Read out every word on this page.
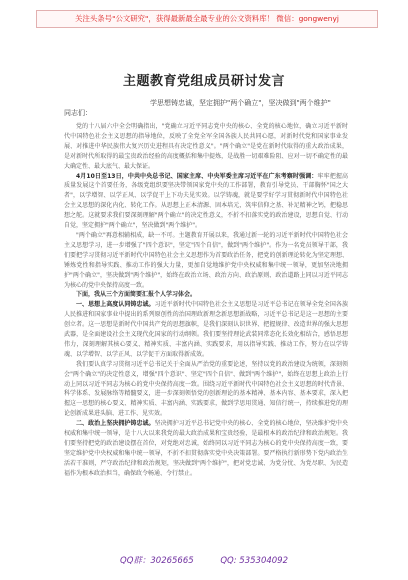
关注头条号"公文研究"，获得最新最全最专业的公文资料库！ 微信：gongwenyj
主题教育党组成员研讨发言
学思想铸忠诚，坚定拥护"两个确立"，坚决做到"两个维护"
同志们：

党的十八届六中全会明确指出，"党确立习近平同志党中央的核心、全党的核心地位，确立习近平新时代中国特色社会主义思想的指导地位，反映了全党全军全国各族人民共同心愿，对新时代党和国家事业发展、对推进中华民族伟大复兴历史进程具有决定性意义"。"两个确立"是党在新时代取得的重大政治成果，是对新时代所取得的最宝贵政治经验的高度概括和集中提炼，是战胜一切艰难险阻、应对一切不确定性的最大确定性、最大底气、最大保证。

4月10日至13日，中共中央总书记、国家主席、中央军委主席习近平在广东考察时强调：牢牢把握高质量发展这个首要任务，各级党组织要坚决带领国家党中央的工作部署，教育引导党员、干部胸怀"国之大者"，以学增智、以学正风、以学促干上下功夫见实效。以学铸魂，就是要学好学习贯彻新时代中国特色社会主义思想的深化内化、转化工作。从思想上正本清源、固本培元，筑牢信仰之基、补足精神之钙，把稳思想之舵。这就要求我们要深刻理解"两个确立"的决定性意义，不折不扣落实党的政治建设，思想自觉、行动自觉，坚定拥护"两个确立"，坚决做到"两个维护"。

"两个确立"再意相辅相成，缺一不可。主题教育开展以来，我通过新一轮的习近平新时代中国特色社会主义思想学习，进一步增强了"四个意识"，坚定"四个自信"，做到"两个维护"。作为一名党员领导干部，我们要把学习贯彻习近平新时代中国特色社会主义思想作为首要政治任务，把党的创新理论转化为坚定理想、锤炼党性和指导实践、推动工作的强大力量，更加自觉地维护党中央权威和集中统一领导，更加坚决地拥护"两个确立"，坚决做到"两个维护"，始终在政治立场、政治方向、政治原则、政治道路上同以习近平同志为核心的党中央保持高度一致。

下面，我从三个方面简要汇报个人学习体会。

一、思想上高度认同铸忠诚。习近平新时代中国特色社会主义思想是习近平总书记在领导全党全国各族人民推进和国家事业中提出的系列原创性的治国理政新理念新思想新战略，习近平总书记是这一思想的主要创立者。这一思想是新时代中国共产党的思想旗帜，是我们深刻认识世界、把握规律、改造世界的强大思想武器，是全面建设社会主义现代化国家的行动纲领。我们要坚持理论武装同常态化长效化相结合，感悟思想伟力，深刻理解其核心要义、精神实质、丰富内涵、实践要求，用以指导实践、推动工作，努力在以学铸魂、以学增智、以学正风、以学促干方面取得新成效。

我们要认真学习贯彻习近平总书记关于全面从严治党的重要论述，坚持以党的政治建设为统领，深刻领会"两个确立"的决定性意义，增强"四个意识"、坚定"四个自信"、做到"两个维护"，始终在思想上政治上行动上同以习近平同志为核心的党中央保持高度一致。围绕习近平新时代中国特色社会主义思想的时代背景、科学体系、发展脉络等精髓要义，进一步深刻领悟党的创新理论的基本精神、基本内容、基本要求，深入把握这一思想的核心要义、精神实质、丰富内涵、实践要求，做到学思用贯通、知信行统一，持续推进党的理论创新成果进头脑、进工作、见实效。

二、政治上坚决拥护铸忠诚。坚决拥护习近平总书记党中央的核心、全党的核心地位，坚决维护党中央权威和集中统一领导，是十八大以来我党的最大政治成果和宝贵经验，是最根本的政治纪律和政治规矩。我们要坚持把党的政治建设摆在首位，对党绝对忠诚，始终同以习近平同志为核心的党中央保持高度一致，要坚定维护党中央权威和集中统一领导，不折不扣贯彻落实党中央决策部署。要严格执行新形势下党内政治生活若干准则，严守政治纪律和政治规矩，坚决做到"两个维护"，把对党忠诚、为党分忧、为党尽职、为民造福作为根本政治担当，确保政令畅通、令行禁止。

QQ群：30265665	QQ: 535304092
